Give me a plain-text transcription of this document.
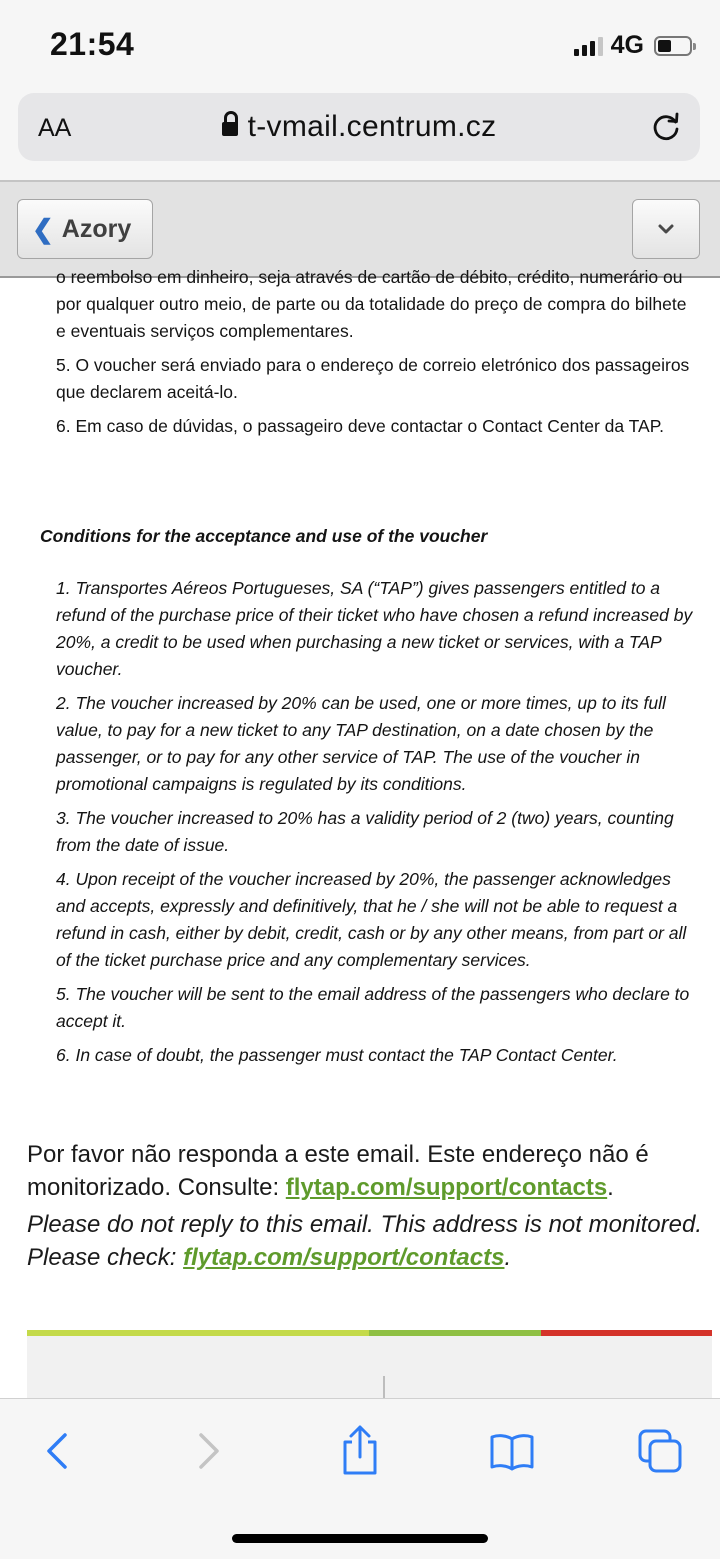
21:54	4G
AA	t-vmail.centrum.cz
❮ Azory

o reembolso em dinheiro, seja através de cartão de débito, crédito, numerário ou por qualquer outro meio, de parte ou da totalidade do preço de compra do bilhete e eventuais serviços complementares.

5. O voucher será enviado para o endereço de correio eletrónico dos passageiros que declarem aceitá-lo.

6. Em caso de dúvidas, o passageiro deve contactar o Contact Center da TAP.

Conditions for the acceptance and use of the voucher

1. Transportes Aéreos Portugueses, SA (“TAP”) gives passengers entitled to a refund of the purchase price of their ticket who have chosen a refund increased by 20%, a credit to be used when purchasing a new ticket or services, with a TAP voucher.

2. The voucher increased by 20% can be used, one or more times, up to its full value, to pay for a new ticket to any TAP destination, on a date chosen by the passenger, or to pay for any other service of TAP. The use of the voucher in promotional campaigns is regulated by its conditions.

3. The voucher increased to 20% has a validity period of 2 (two) years, counting from the date of issue.

4. Upon receipt of the voucher increased by 20%, the passenger acknowledges and accepts, expressly and definitively, that he / she will not be able to request a refund in cash, either by debit, credit, cash or by any other means, from part or all of the ticket purchase price and any complementary services.

5. The voucher will be sent to the email address of the passengers who declare to accept it.

6. In case of doubt, the passenger must contact the TAP Contact Center.

Por favor não responda a este email. Este endereço não é monitorizado. Consulte: flytap.com/support/contacts.
Please do not reply to this email. This address is not monitored. Please check: flytap.com/support/contacts.
